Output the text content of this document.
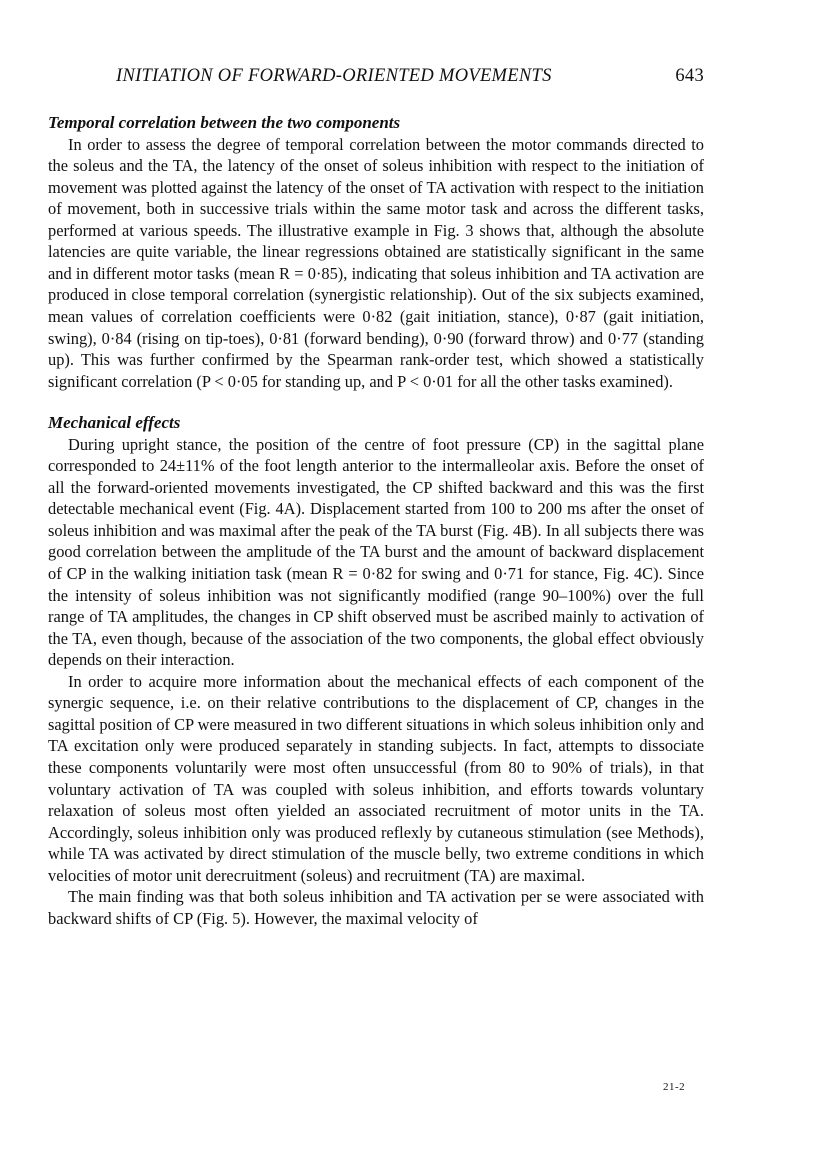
INITIATION OF FORWARD-ORIENTED MOVEMENTS	643
Temporal correlation between the two components

In order to assess the degree of temporal correlation between the motor commands directed to the soleus and the TA, the latency of the onset of soleus inhibition with respect to the initiation of movement was plotted against the latency of the onset of TA activation with respect to the initiation of movement, both in successive trials within the same motor task and across the different tasks, performed at various speeds. The illustrative example in Fig. 3 shows that, although the absolute latencies are quite variable, the linear regressions obtained are statistically significant in the same and in different motor tasks (mean R = 0·85), indicating that soleus inhibition and TA activation are produced in close temporal correlation (synergistic relationship). Out of the six subjects examined, mean values of correlation coefficients were 0·82 (gait initiation, stance), 0·87 (gait initiation, swing), 0·84 (rising on tip-toes), 0·81 (forward bending), 0·90 (forward throw) and 0·77 (standing up). This was further confirmed by the Spearman rank-order test, which showed a statistically significant correlation (P < 0·05 for standing up, and P < 0·01 for all the other tasks examined).

Mechanical effects

During upright stance, the position of the centre of foot pressure (CP) in the sagittal plane corresponded to 24±11% of the foot length anterior to the intermalleolar axis. Before the onset of all the forward-oriented movements investigated, the CP shifted backward and this was the first detectable mechanical event (Fig. 4A). Displacement started from 100 to 200 ms after the onset of soleus inhibition and was maximal after the peak of the TA burst (Fig. 4B). In all subjects there was good correlation between the amplitude of the TA burst and the amount of backward displacement of CP in the walking initiation task (mean R = 0·82 for swing and 0·71 for stance, Fig. 4C). Since the intensity of soleus inhibition was not significantly modified (range 90–100%) over the full range of TA amplitudes, the changes in CP shift observed must be ascribed mainly to activation of the TA, even though, because of the association of the two components, the global effect obviously depends on their interaction.

In order to acquire more information about the mechanical effects of each component of the synergic sequence, i.e. on their relative contributions to the displacement of CP, changes in the sagittal position of CP were measured in two different situations in which soleus inhibition only and TA excitation only were produced separately in standing subjects. In fact, attempts to dissociate these components voluntarily were most often unsuccessful (from 80 to 90% of trials), in that voluntary activation of TA was coupled with soleus inhibition, and efforts towards voluntary relaxation of soleus most often yielded an associated recruitment of motor units in the TA. Accordingly, soleus inhibition only was produced reflexly by cutaneous stimulation (see Methods), while TA was activated by direct stimulation of the muscle belly, two extreme conditions in which velocities of motor unit derecruitment (soleus) and recruitment (TA) are maximal.

The main finding was that both soleus inhibition and TA activation per se were associated with backward shifts of CP (Fig. 5). However, the maximal velocity of

21-2
